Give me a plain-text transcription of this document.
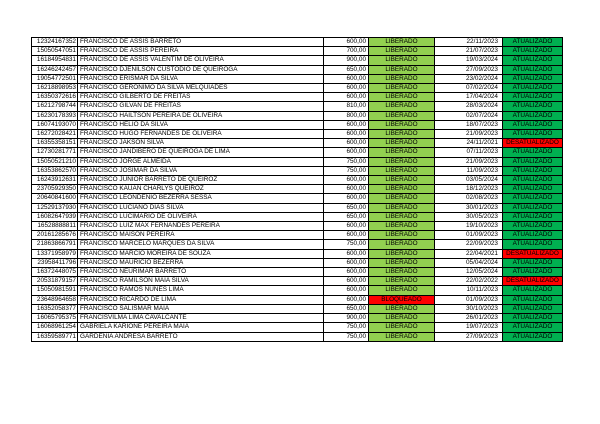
12324167352	FRANCISCO DE ASSIS BARRETO	600,00	LIBERADO	22/11/2023	ATUALIZADO
15050547051	FRANCISCO DE ASSIS PEREIRA	700,00	LIBERADO	21/07/2023	ATUALIZADO
16184954831	FRANCISCO DE ASSIS VALENTIM DE OLIVEIRA	900,00	LIBERADO	19/03/2024	ATUALIZADO
16246242457	FRANCISCO DJENILSON CUSTODIO DE QUEIROGA	650,00	LIBERADO	27/09/2023	ATUALIZADO
19054772501	FRANCISCO ERISMAR DA SILVA	600,00	LIBERADO	23/02/2024	ATUALIZADO
16218898953	FRANCISCO GERONIMO DA SILVA MELQUIADES	600,00	LIBERADO	07/02/2024	ATUALIZADO
16350372616	FRANCISCO GILBERTO DE FREITAS	600,00	LIBERADO	17/04/2024	ATUALIZADO
16212798744	FRANCISCO GILVAN DE FREITAS	810,00	LIBERADO	28/03/2024	ATUALIZADO
16230178393	FRANCISCO HAILTSON PEREIRA DE OLIVEIRA	800,00	LIBERADO	02/07/2024	ATUALIZADO
16074193070	FRANCISCO HELIO DA SILVA	600,00	LIBERADO	18/07/2023	ATUALIZADO
16272028421	FRANCISCO HUGO FERNANDES DE OLIVEIRA	600,00	LIBERADO	21/09/2023	ATUALIZADO
16355358151	FRANCISCO JAKSON SILVA	600,00	LIBERADO	24/11/2021	DESATUALIZADO
12730281771	FRANCISCO JANDIBERO DE QUEIROGA DE LIMA	600,00	LIBERADO	07/11/2023	ATUALIZADO
15050521210	FRANCISCO JORGE ALMEIDA	750,00	LIBERADO	21/09/2023	ATUALIZADO
16353862570	FRANCISCO JOSIMAR DA SILVA	750,00	LIBERADO	11/09/2023	ATUALIZADO
16243912631	FRANCISCO JUNIOR BARRETO DE QUEIROZ	600,00	LIBERADO	03/05/2024	ATUALIZADO
23705929350	FRANCISCO KAUAN CHARLYS QUEIROZ	600,00	LIBERADO	18/12/2023	ATUALIZADO
20640841600	FRANCISCO LEONDENIO BEZERRA SESSA	600,00	LIBERADO	02/08/2023	ATUALIZADO
12529137930	FRANCISCO LUCIANO DIAS SILVA	650,00	LIBERADO	30/01/2023	ATUALIZADO
16082647939	FRANCISCO LUCIMARIO DE OLIVEIRA	650,00	LIBERADO	30/05/2023	ATUALIZADO
16528888811	FRANCISCO LUIZ MAX FERNANDES PEREIRA	600,00	LIBERADO	19/10/2023	ATUALIZADO
20161285676	FRANCISCO MAISON PEREIRA	600,00	LIBERADO	01/09/2023	ATUALIZADO
21863866791	FRANCISCO MARCELO MARQUES DA SILVA	750,00	LIBERADO	22/09/2023	ATUALIZADO
13371958979	FRANCISCO MARCIO MOREIRA DE SOUZA	600,00	LIBERADO	22/04/2021	DESATUALIZADO
23958411796	FRANCISCO MAURICIO BEZERRA	600,00	LIBERADO	05/04/2024	ATUALIZADO
16372448075	FRANCISCO NEURIMAR BARRETO	600,00	LIBERADO	12/05/2024	ATUALIZADO
20531879157	FRANCISCO RAMILSON MAIA SILVA	600,00	LIBERADO	22/02/2022	DESATUALIZADO
15050981591	FRANCISCO RAMOS NUNES LIMA	600,00	LIBERADO	10/11/2023	ATUALIZADO
23648964658	FRANCISCO RICARDO DE LIMA	600,00	BLOQUEADO	01/09/2023	ATUALIZADO
16352058377	FRANCISCO SALISMAR MAIA	650,00	LIBERADO	30/10/2023	ATUALIZADO
16065795375	FRANCISVILMA LIMA CAVALCANTE	900,00	LIBERADO	26/01/2023	ATUALIZADO
16068961254	GABRIELA KARIONE PEREIRA MAIA	750,00	LIBERADO	19/07/2023	ATUALIZADO
16359589771	GARDENIA ANDRESA BARRETO	750,00	LIBERADO	27/09/2023	ATUALIZADO
